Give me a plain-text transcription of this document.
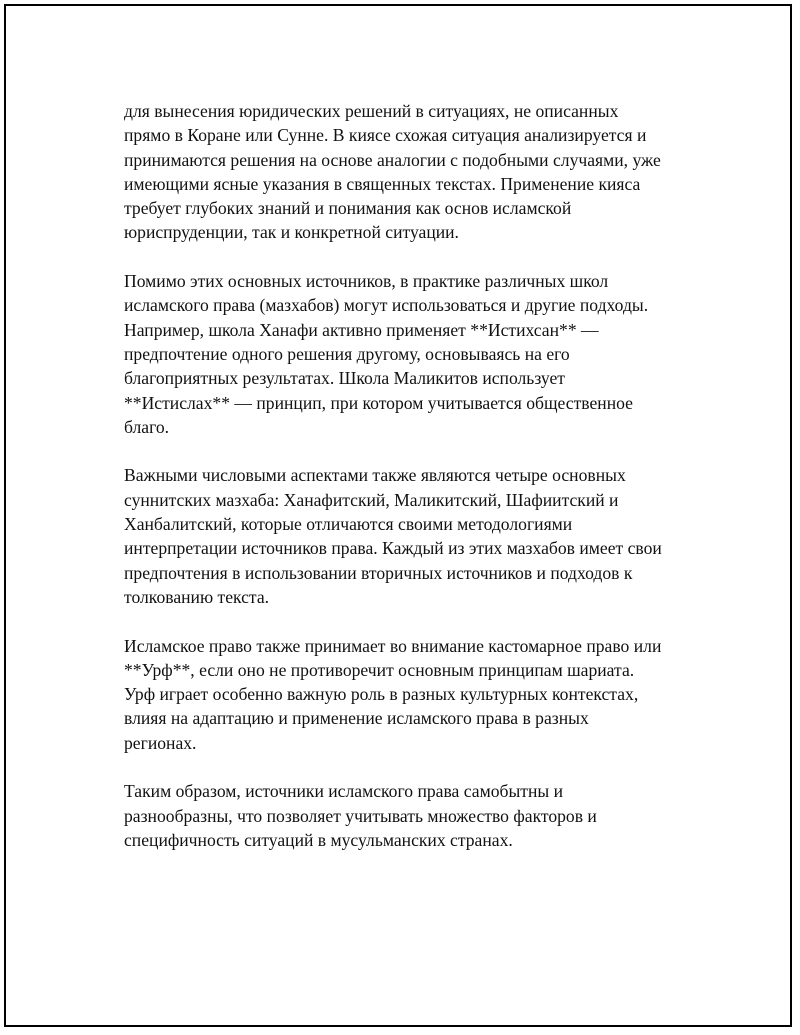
для вынесения юридических решений в ситуациях, не описанных
прямо в Коране или Сунне. В киясе схожая ситуация анализируется и
принимаются решения на основе аналогии с подобными случаями, уже
имеющими ясные указания в священных текстах. Применение кияса
требует глубоких знаний и понимания как основ исламской
юриспруденции, так и конкретной ситуации.

Помимо этих основных источников, в практике различных школ
исламского права (мазхабов) могут использоваться и другие подходы.
Например, школа Ханафи активно применяет **Истихсан** —
предпочтение одного решения другому, основываясь на его
благоприятных результатах. Школа Маликитов использует
**Истислах** — принцип, при котором учитывается общественное
благо.

Важными числовыми аспектами также являются четыре основных
суннитских мазхаба: Ханафитский, Маликитский, Шафиитский и
Ханбалитский, которые отличаются своими методологиями
интерпретации источников права. Каждый из этих мазхабов имеет свои
предпочтения в использовании вторичных источников и подходов к
толкованию текста.

Исламское право также принимает во внимание кастомарное право или
**Урф**, если оно не противоречит основным принципам шариата.
Урф играет особенно важную роль в разных культурных контекстах,
влияя на адаптацию и применение исламского права в разных
регионах.

Таким образом, источники исламского права самобытны и
разнообразны, что позволяет учитывать множество факторов и
специфичность ситуаций в мусульманских странах.
